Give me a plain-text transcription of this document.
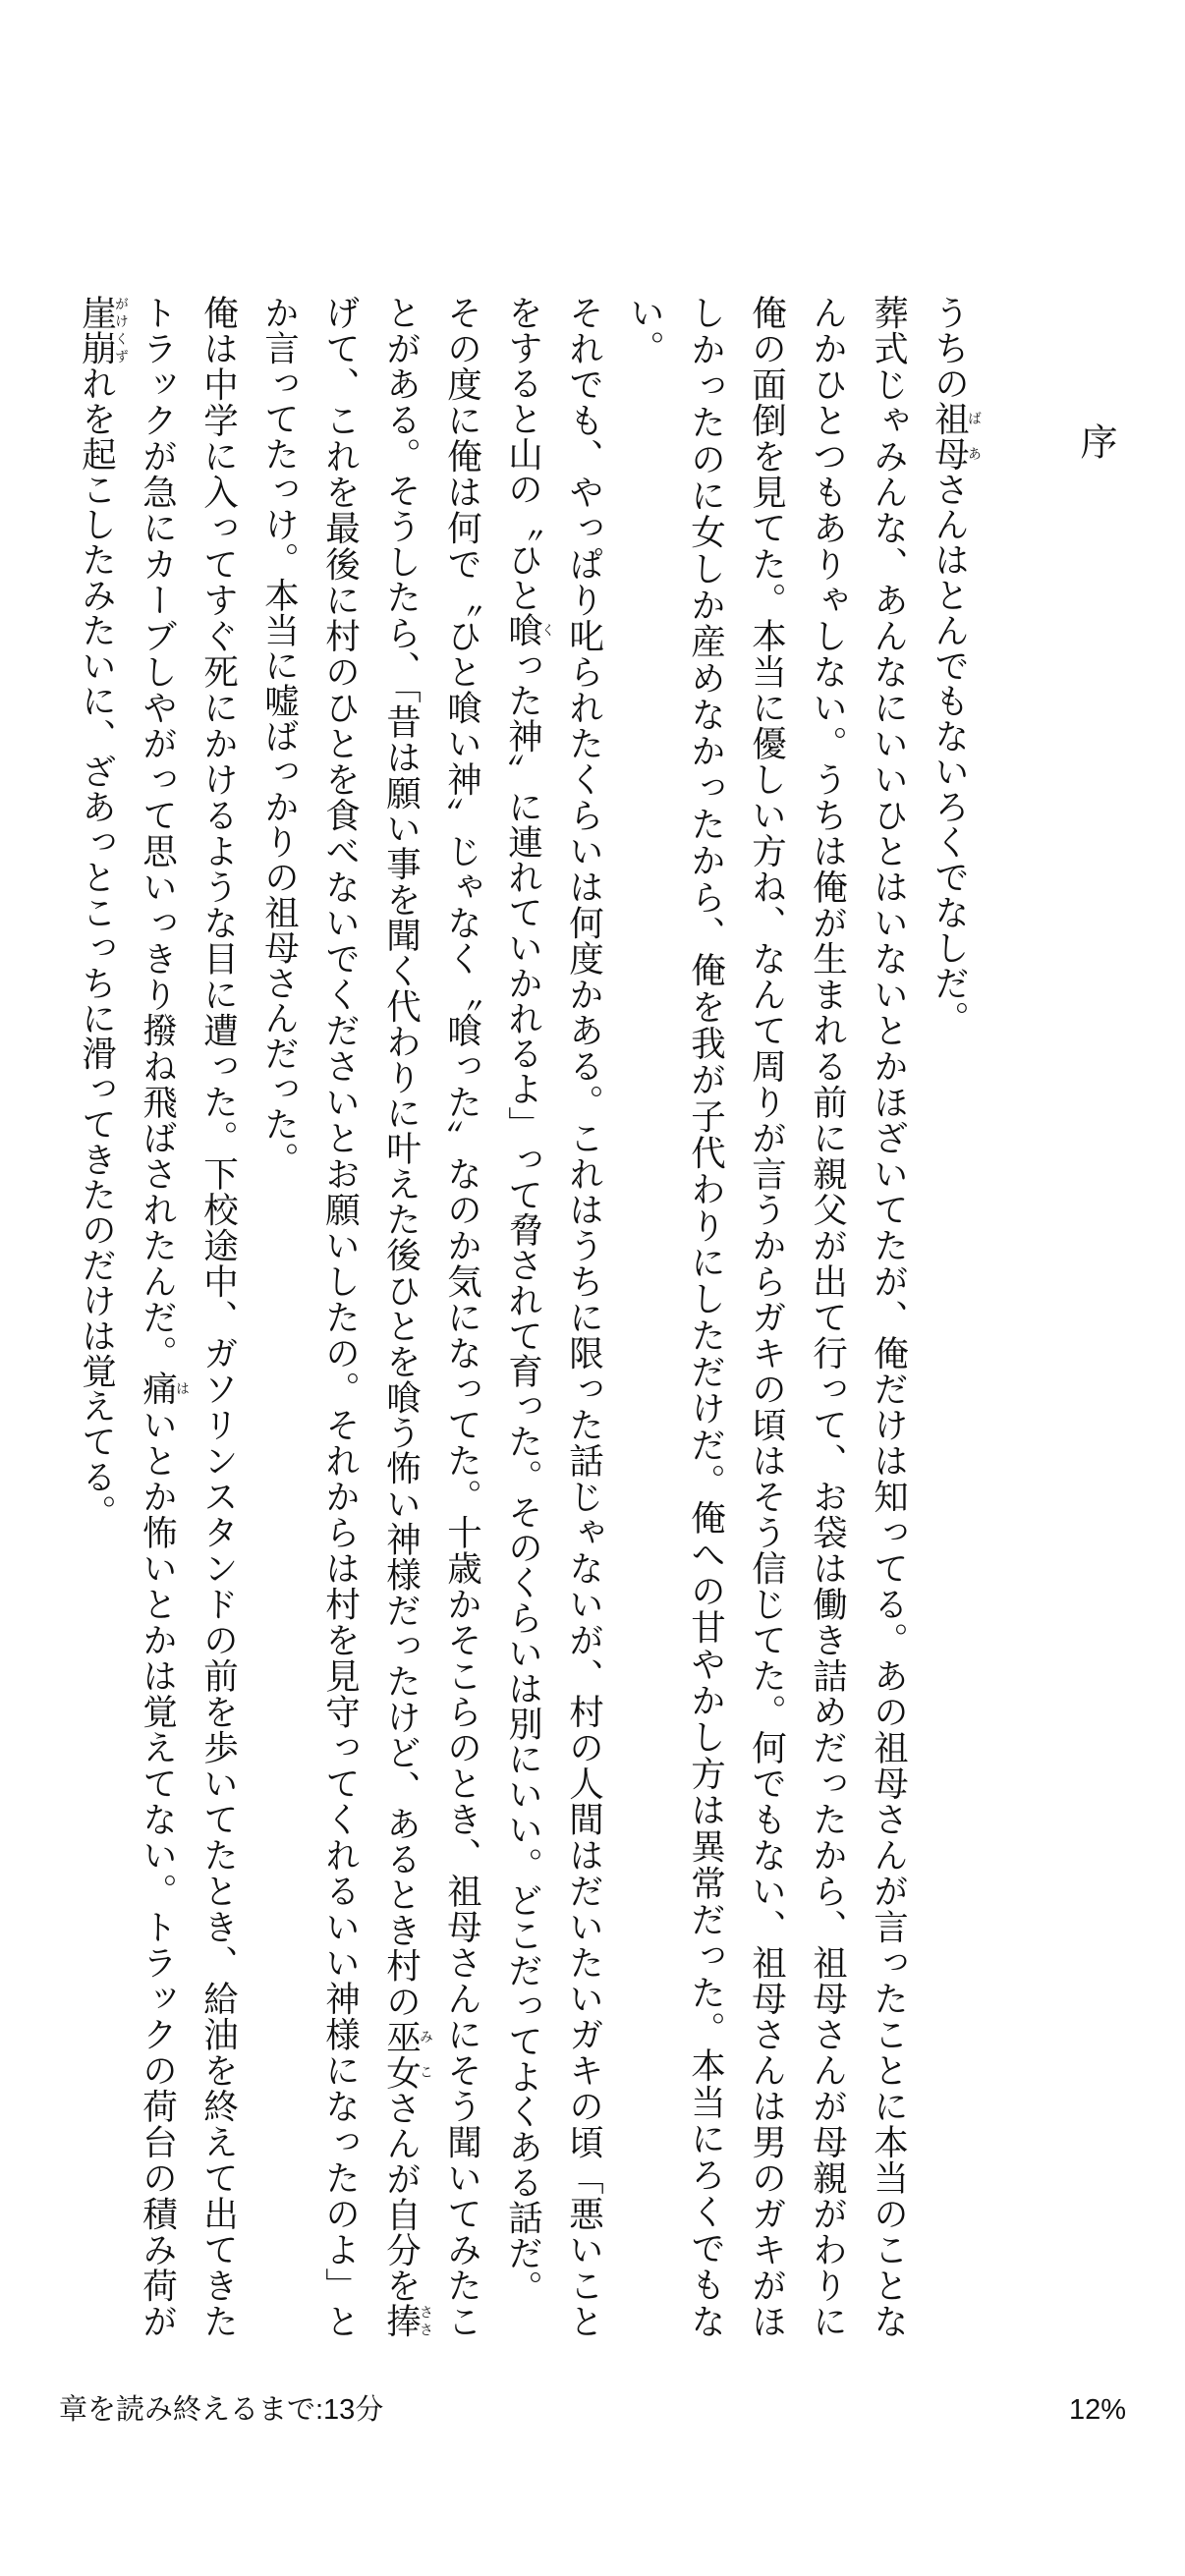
序

うちの祖母ばあさんはとんでもないろくでなしだ。

葬式じゃみんな、あんなにいいひとはいないとかほざいてたが、俺だけは知ってる。あの祖母さんが言ったことに本当のことなんかひとつもありゃしない。うちは俺が生まれる前に親父が出て行って、お袋は働き詰めだったから、祖母さんが母親がわりに俺の面倒を見てた。本当に優しい方ね、なんて周りが言うからガキの頃はそう信じてた。何でもない、祖母さんは男のガキがほしかったのに女しか産めなかったから、俺を我が子代わりにしただけだ。俺への甘やかし方は異常だった。本当にろくでもない。

それでも、やっぱり叱られたくらいは何度かある。これはうちに限った話じゃないが、村の人間はだいたいガキの頃「悪いことをすると山の〝ひと喰くった神〟に連れていかれるよ」って脅されて育った。そのくらいは別にいい。どこだってよくある話だ。

その度に俺は何で〝ひと喰い神〟じゃなく〝喰った〟なのか気になってた。十歳かそこらのとき、祖母さんにそう聞いてみたことがある。そうしたら、「昔は願い事を聞く代わりに叶えた後ひとを喰う怖い神様だったけど、あるとき村の巫女みこさんが自分を捧ささげて、これを最後に村のひとを食べないでくださいとお願いしたの。それからは村を見守ってくれるいい神様になったのよ」とか言ってたっけ。本当に嘘ばっかりの祖母さんだった。

俺は中学に入ってすぐ死にかけるような目に遭った。下校途中、ガソリンスタンドの前を歩いてたとき、給油を終えて出てきたトラックが急にカーブしやがって思いっきり撥ね飛ばされたんだ。痛はいとか怖いとかは覚えてない。トラックの荷台の積み荷が崖崩がけくずれを起こしたみたいに、ざあっとこっちに滑ってきたのだけは覚えてる。

章を読み終えるまで:13分	12%
